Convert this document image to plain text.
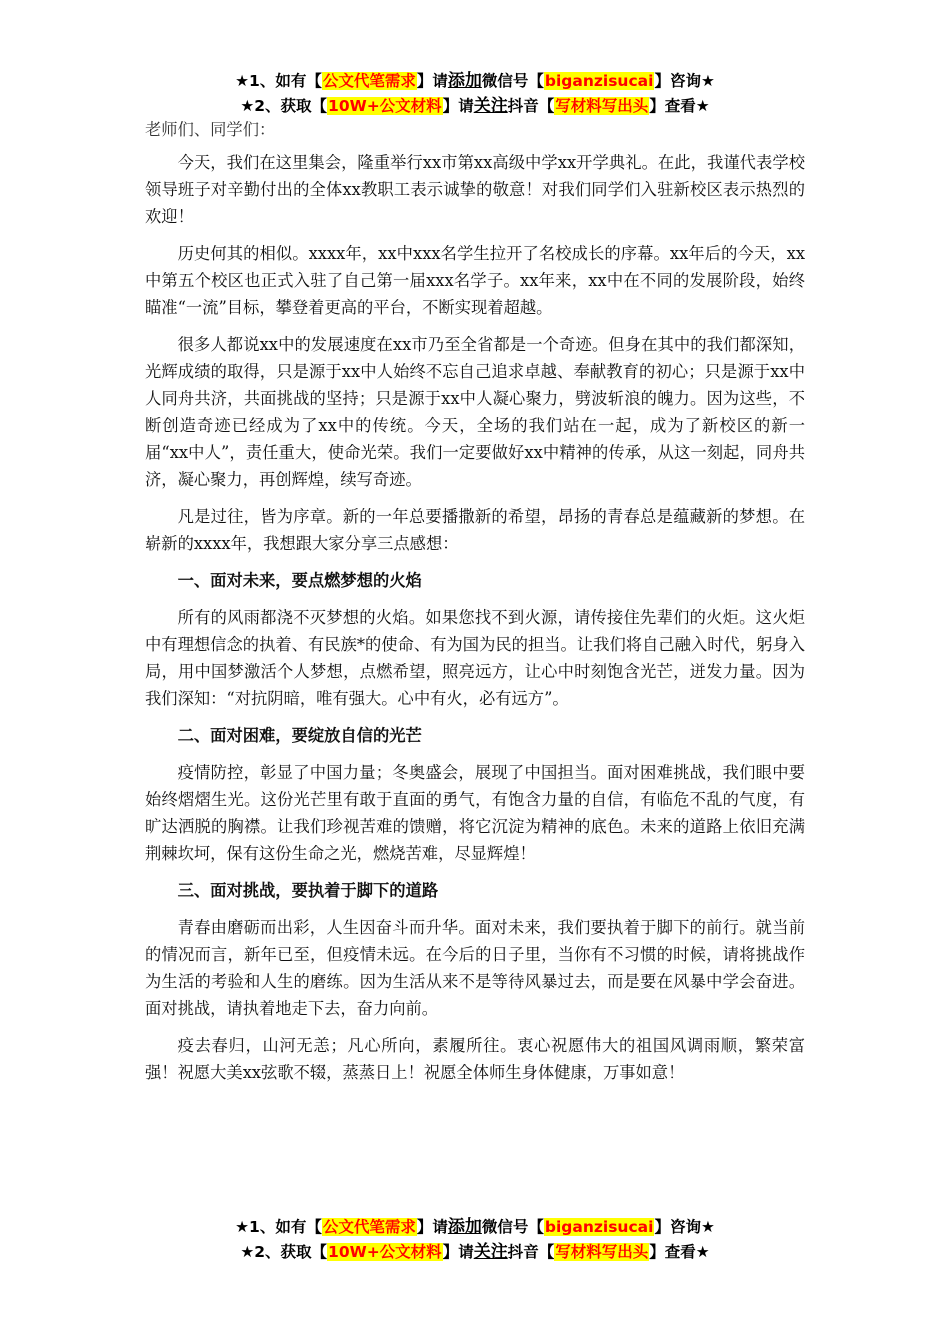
★1、如有【公文代笔需求】请添加微信号【biganzisucai】咨询★
★2、获取【10W+公文材料】请关注抖音【写材料写出头】查看★

老师们、同学们：

今天，我们在这里集会，隆重举行xx市第xx高级中学xx开学典礼。在此，我谨代表学校领导班子对辛勤付出的全体xx教职工表示诚挚的敬意！对我们同学们入驻新校区表示热烈的欢迎！

历史何其的相似。xxxx年，xx中xxx名学生拉开了名校成长的序幕。xx年后的今天，xx中第五个校区也正式入驻了自己第一届xxx名学子。xx年来，xx中在不同的发展阶段，始终瞄准“一流”目标，攀登着更高的平台，不断实现着超越。

很多人都说xx中的发展速度在xx市乃至全省都是一个奇迹。但身在其中的我们都深知，光辉成绩的取得，只是源于xx中人始终不忘自己追求卓越、奉献教育的初心；只是源于xx中人同舟共济，共面挑战的坚持；只是源于xx中人凝心聚力，劈波斩浪的魄力。因为这些，不断创造奇迹已经成为了xx中的传统。今天，全场的我们站在一起，成为了新校区的新一届“xx中人”，责任重大，使命光荣。我们一定要做好xx中精神的传承，从这一刻起，同舟共济，凝心聚力，再创辉煌，续写奇迹。

凡是过往，皆为序章。新的一年总要播撒新的希望，昂扬的青春总是蕴藏新的梦想。在崭新的xxxx年，我想跟大家分享三点感想：

一、面对未来，要点燃梦想的火焰

所有的风雨都浇不灭梦想的火焰。如果您找不到火源，请传接住先辈们的火炬。这火炬中有理想信念的执着、有民族*的使命、有为国为民的担当。让我们将自己融入时代，躬身入局，用中国梦激活个人梦想，点燃希望，照亮远方，让心中时刻饱含光芒，迸发力量。因为我们深知：“对抗阴暗，唯有强大。心中有火，必有远方”。

二、面对困难，要绽放自信的光芒

疫情防控，彰显了中国力量；冬奥盛会，展现了中国担当。面对困难挑战，我们眼中要始终熠熠生光。这份光芒里有敢于直面的勇气，有饱含力量的自信，有临危不乱的气度，有旷达洒脱的胸襟。让我们珍视苦难的馈赠，将它沉淀为精神的底色。未来的道路上依旧充满荆棘坎坷，保有这份生命之光，燃烧苦难，尽显辉煌！

三、面对挑战，要执着于脚下的道路

青春由磨砺而出彩，人生因奋斗而升华。面对未来，我们要执着于脚下的前行。就当前的情况而言，新年已至，但疫情未远。在今后的日子里，当你有不习惯的时候，请将挑战作为生活的考验和人生的磨练。因为生活从来不是等待风暴过去，而是要在风暴中学会奋进。面对挑战，请执着地走下去，奋力向前。

疫去春归，山河无恙；凡心所向，素履所往。衷心祝愿伟大的祖国风调雨顺，繁荣富强！祝愿大美xx弦歌不辍，蒸蒸日上！祝愿全体师生身体健康，万事如意！

★1、如有【公文代笔需求】请添加微信号【biganzisucai】咨询★
★2、获取【10W+公文材料】请关注抖音【写材料写出头】查看★
